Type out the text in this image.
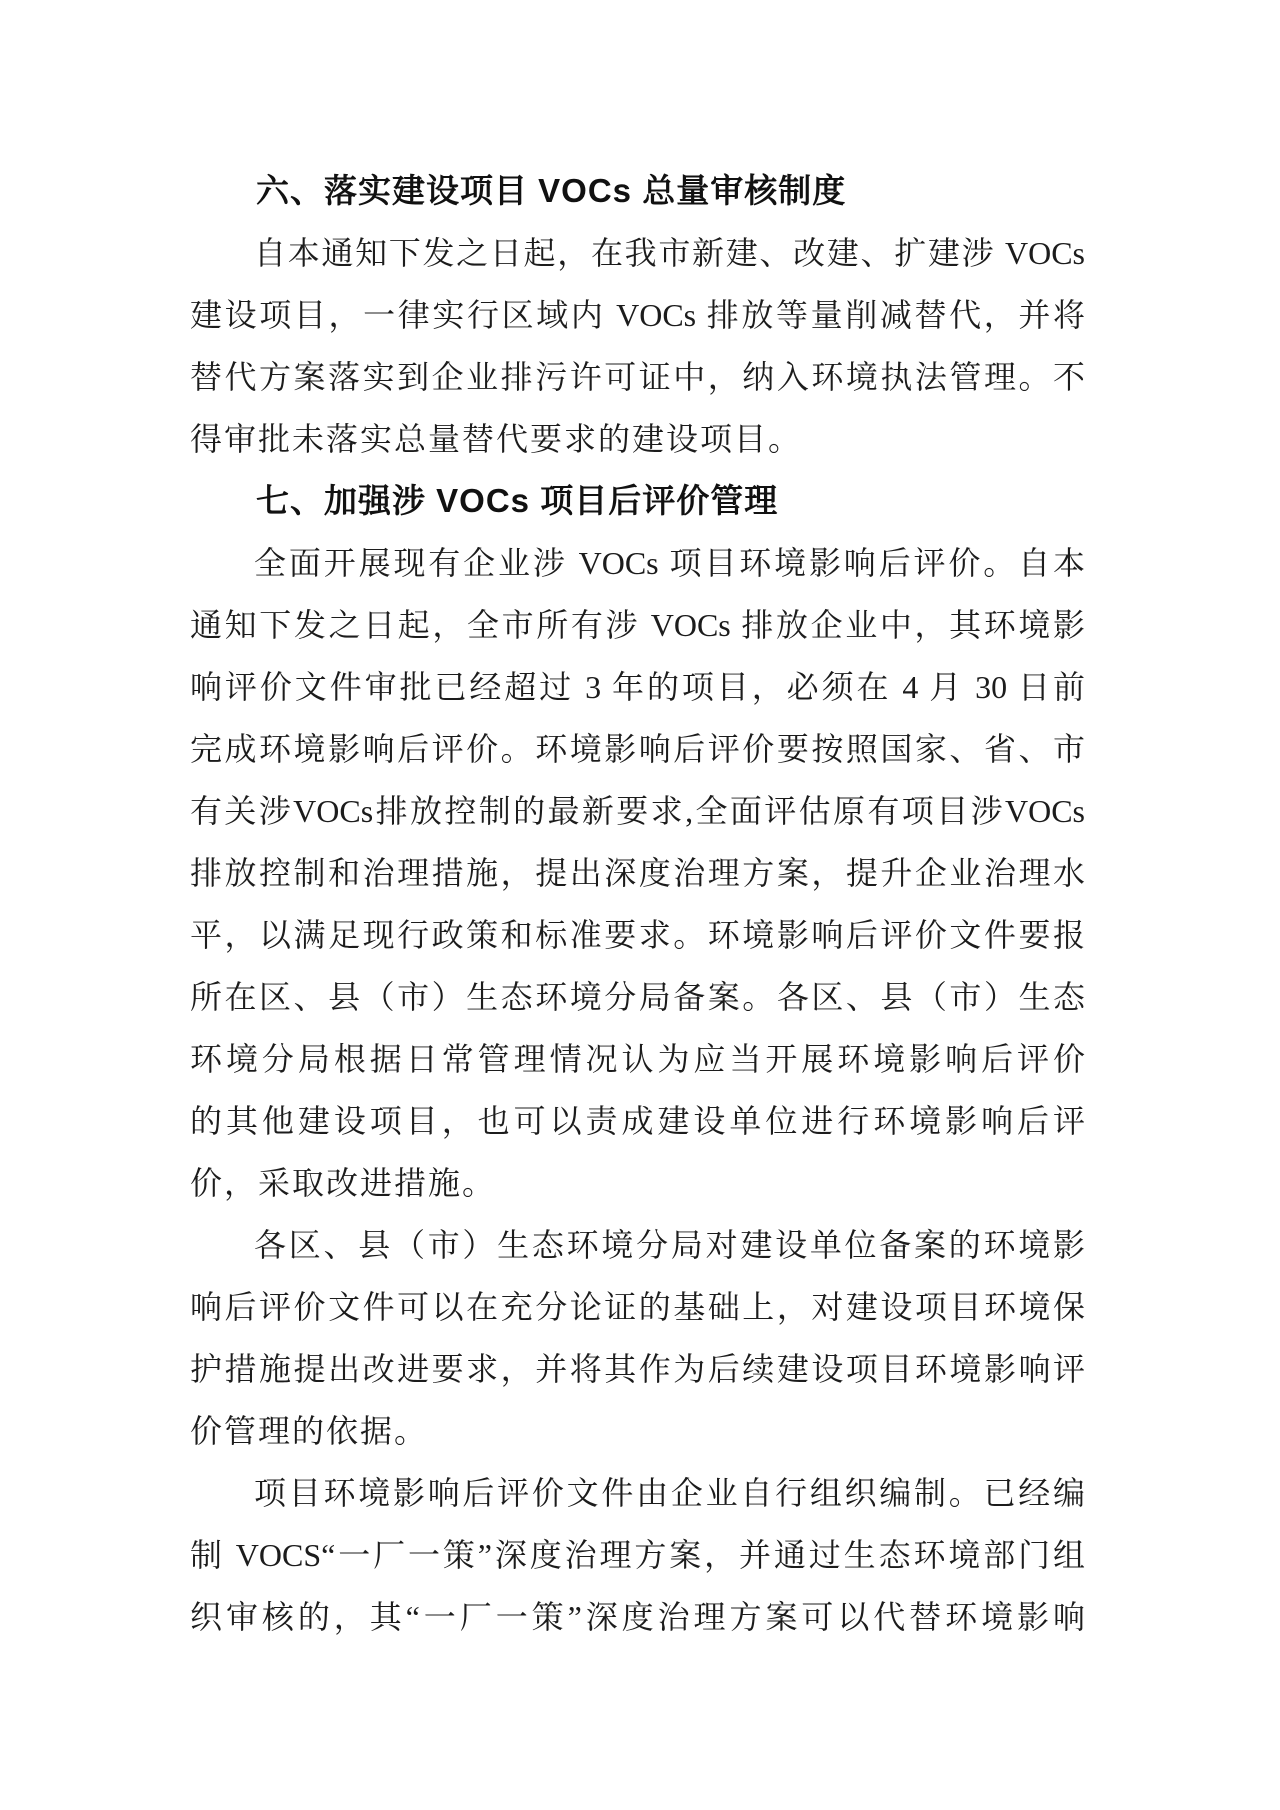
六、落实建设项目 VOCs 总量审核制度
自本通知下发之日起，在我市新建、改建、扩建涉 VOCs
建设项目，一律实行区域内 VOCs 排放等量削减替代，并将
替代方案落实到企业排污许可证中，纳入环境执法管理。不
得审批未落实总量替代要求的建设项目。
七、加强涉 VOCs 项目后评价管理
全面开展现有企业涉 VOCs 项目环境影响后评价。自本
通知下发之日起，全市所有涉 VOCs 排放企业中，其环境影
响评价文件审批已经超过 3 年的项目，必须在 4 月 30 日前
完成环境影响后评价。环境影响后评价要按照国家、省、市
有关涉VOCs排放控制的最新要求,全面评估原有项目涉VOCs
排放控制和治理措施，提出深度治理方案，提升企业治理水
平，以满足现行政策和标准要求。环境影响后评价文件要报
所在区、县（市）生态环境分局备案。各区、县（市）生态
环境分局根据日常管理情况认为应当开展环境影响后评价
的其他建设项目，也可以责成建设单位进行环境影响后评
价，采取改进措施。
各区、县（市）生态环境分局对建设单位备案的环境影
响后评价文件可以在充分论证的基础上，对建设项目环境保
护措施提出改进要求，并将其作为后续建设项目环境影响评
价管理的依据。
项目环境影响后评价文件由企业自行组织编制。已经编
制 VOCS“一厂一策”深度治理方案，并通过生态环境部门组
织审核的，其“一厂一策”深度治理方案可以代替环境影响
